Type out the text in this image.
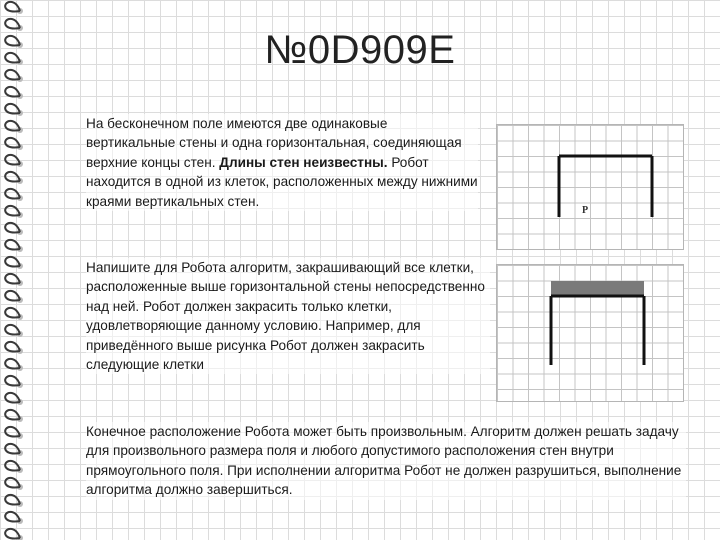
№0D909E

На бесконечном поле имеются две одинаковые вертикальные стены и одна горизонтальная, соединяющая верхние концы стен. Длины стен неизвестны. Робот находится в одной из клеток, расположенных между нижними краями вертикальных стен.

Р

Напишите для Робота алгоритм, закрашивающий все клетки, расположенные выше горизонтальной стены непосредственно над ней. Робот должен закрасить только клетки, удовлетворяющие данному условию. Например, для приведённого выше рисунка Робот должен закрасить следующие клетки

Конечное расположение Робота может быть произвольным. Алгоритм должен решать задачу для произвольного размера поля и любого допустимого расположения стен внутри прямоугольного поля. При исполнении алгоритма Робот не должен разрушиться, выполнение алгоритма должно завершиться.
